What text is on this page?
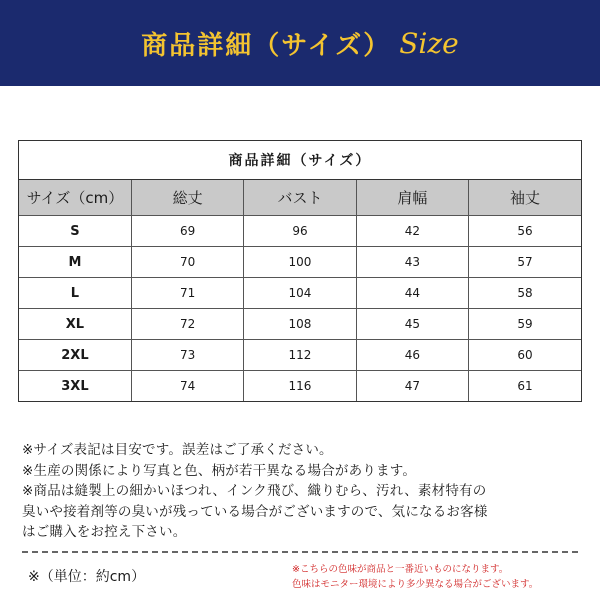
商品詳細（サイズ） Size
商品詳細（サイズ）
サイズ（cm）	総丈	バスト	肩幅	袖丈
S	69	96	42	56
M	70	100	43	57
L	71	104	44	58
XL	72	108	45	59
2XL	73	112	46	60
3XL	74	116	47	61

※サイズ表記は目安です。誤差はご了承ください。

※生産の関係により写真と色、柄が若干異なる場合があります。

※商品は縫製上の細かいほつれ、インク飛び、織りむら、汚れ、素材特有の

臭いや接着剤等の臭いが残っている場合がございますので、気になるお客様

はご購入をお控え下さい。

※（単位：約cm）	※こちらの色味が商品と一番近いものになります。

色味はモニター環境により多少異なる場合がございます。
